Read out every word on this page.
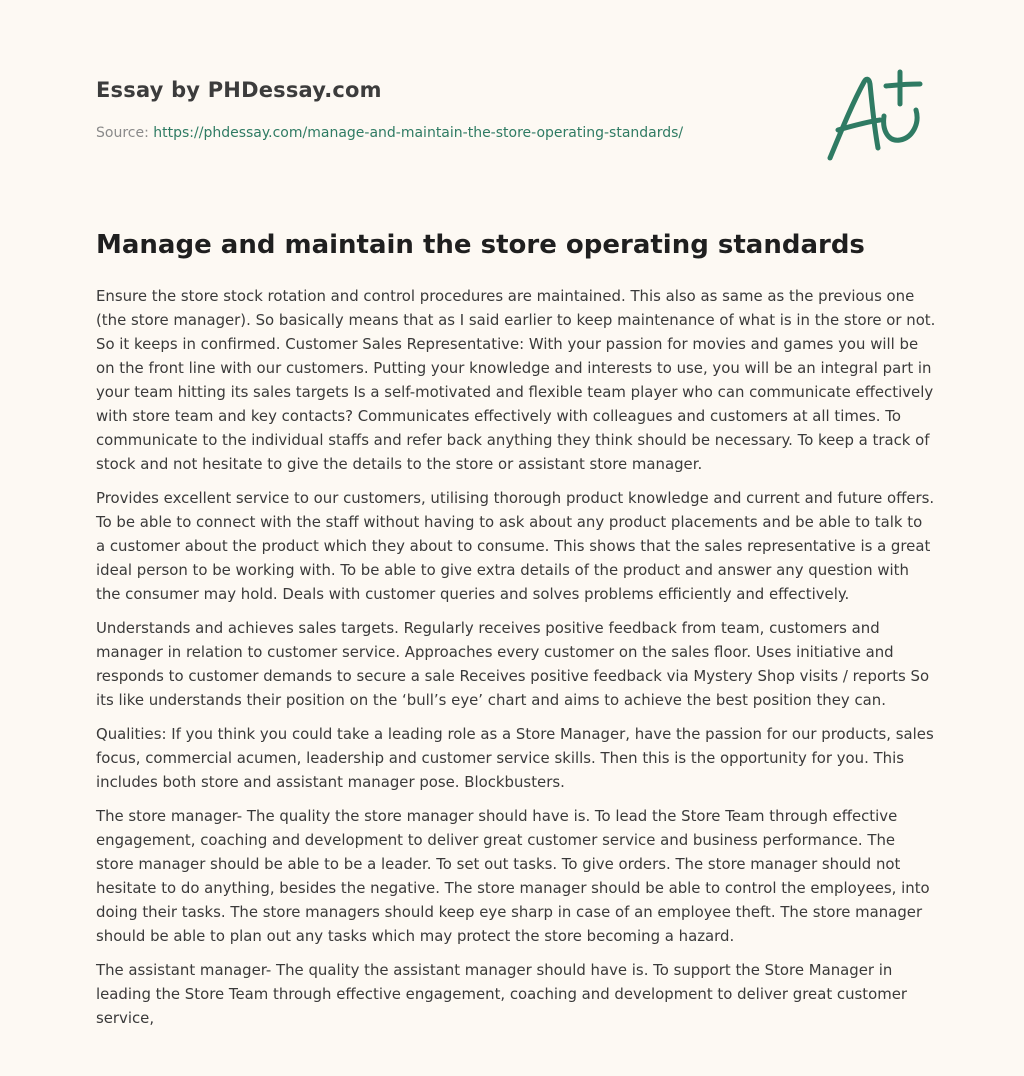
Essay by PHDessay.com
Source: https://phdessay.com/manage-and-maintain-the-store-operating-standards/
Manage and maintain the store operating standards

Ensure the store stock rotation and control procedures are maintained. This also as same as the previous one (the store manager). So basically means that as I said earlier to keep maintenance of what is in the store or not. So it keeps in confirmed. Customer Sales Representative: With your passion for movies and games you will be on the front line with our customers. Putting your knowledge and interests to use, you will be an integral part in your team hitting its sales targets Is a self-motivated and flexible team player who can communicate effectively with store team and key contacts? Communicates effectively with colleagues and customers at all times. To communicate to the individual staffs and refer back anything they think should be necessary. To keep a track of stock and not hesitate to give the details to the store or assistant store manager.

Provides excellent service to our customers, utilising thorough product knowledge and current and future offers. To be able to connect with the staff without having to ask about any product placements and be able to talk to a customer about the product which they about to consume. This shows that the sales representative is a great ideal person to be working with. To be able to give extra details of the product and answer any question with the consumer may hold. Deals with customer queries and solves problems efficiently and effectively.

Understands and achieves sales targets. Regularly receives positive feedback from team, customers and manager in relation to customer service. Approaches every customer on the sales floor. Uses initiative and responds to customer demands to secure a sale Receives positive feedback via Mystery Shop visits / reports So its like understands their position on the ‘bull’s eye’ chart and aims to achieve the best position they can.

Qualities: If you think you could take a leading role as a Store Manager, have the passion for our products, sales focus, commercial acumen, leadership and customer service skills. Then this is the opportunity for you. This includes both store and assistant manager pose. Blockbusters.

The store manager- The quality the store manager should have is. To lead the Store Team through effective engagement, coaching and development to deliver great customer service and business performance. The store manager should be able to be a leader. To set out tasks. To give orders. The store manager should not hesitate to do anything, besides the negative. The store manager should be able to control the employees, into doing their tasks. The store managers should keep eye sharp in case of an employee theft. The store manager should be able to plan out any tasks which may protect the store becoming a hazard.

The assistant manager- The quality the assistant manager should have is. To support the Store Manager in leading the Store Team through effective engagement, coaching and development to deliver great customer service,
